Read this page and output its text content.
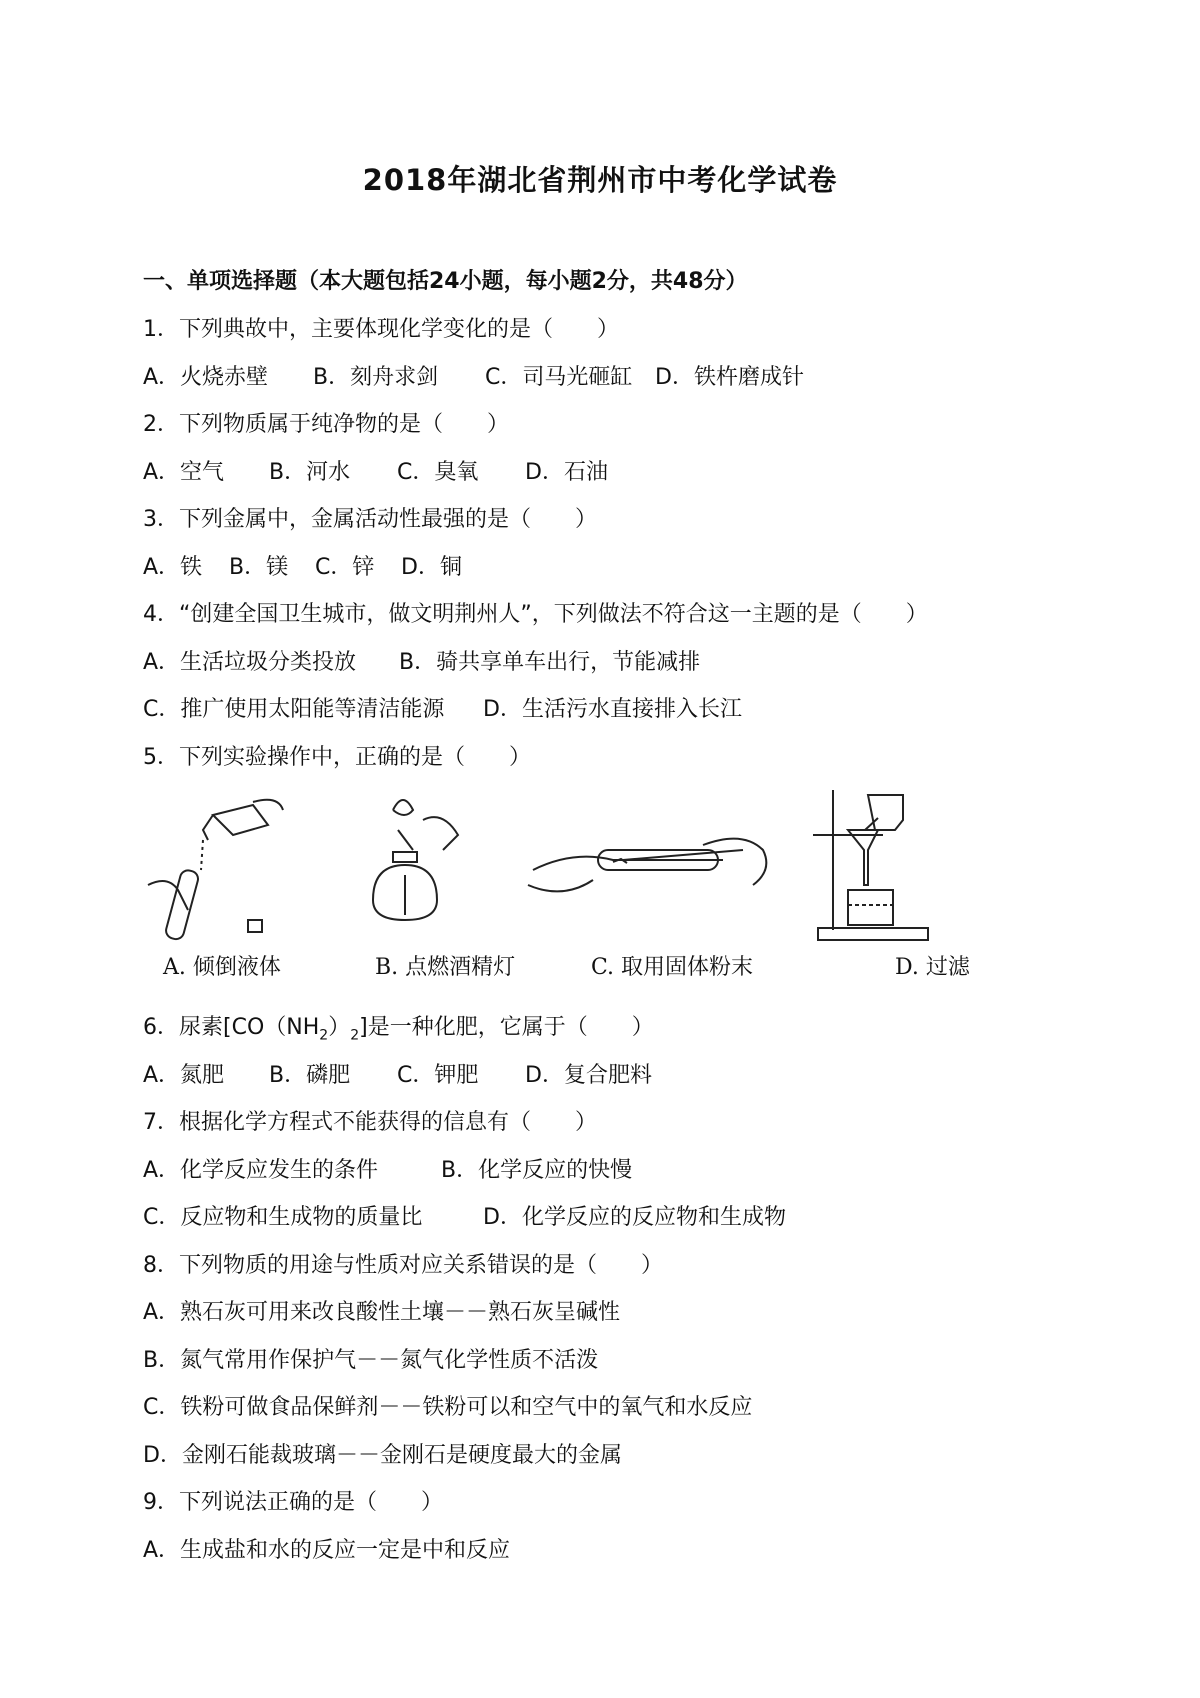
2018年湖北省荆州市中考化学试卷
一、单项选择题（本大题包括24小题，每小题2分，共48分）
1．下列典故中，主要体现化学变化的是（　　）
A．火烧赤壁 B．刻舟求剑 C．司马光砸缸 D．铁杵磨成针
2．下列物质属于纯净物的是（　　）
A．空气 B．河水 C．臭氧 D．石油
3．下列金属中，金属活动性最强的是（　　）
A．铁 B．镁 C．锌 D．铜
4．“创建全国卫生城市，做文明荆州人”，下列做法不符合这一主题的是（　　）
A．生活垃圾分类投放 B．骑共享单车出行，节能减排
C．推广使用太阳能等清洁能源 D．生活污水直接排入长江
5．下列实验操作中，正确的是（　　）
A. 倾倒液体	B. 点燃酒精灯	C. 取用固体粉末	D. 过滤
6．尿素$[CO(NH_2)_2]$是一种化肥，它属于（　　）
A．氮肥 B．磷肥 C．钾肥 D．复合肥料
7．根据化学方程式不能获得的信息有（　　）
A．化学反应发生的条件	B．化学反应的快慢
C．反应物和生成物的质量比	D．化学反应的反应物和生成物
8．下列物质的用途与性质对应关系错误的是（　　）
A．熟石灰可用来改良酸性土壤－－熟石灰呈碱性
B．氮气常用作保护气－－氮气化学性质不活泼
C．铁粉可做食品保鲜剂－－铁粉可以和空气中的氧气和水反应
D．金刚石能裁玻璃－－金刚石是硬度最大的金属
9．下列说法正确的是（　　）
A．生成盐和水的反应一定是中和反应
